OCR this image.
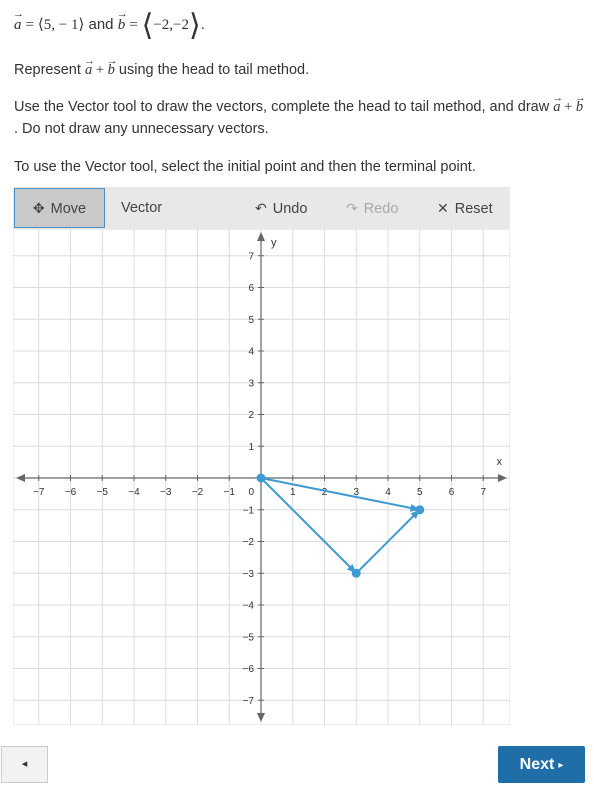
→ a = ⟨5, − 1⟩ and → b = ⟨−2,−2⟩.

Represent → a + → b using the head to tail method.

Use the Vector tool to draw the vectors, complete the head to tail method, and draw → a + → b. Do not draw any unnecessary vectors.

To use the Vector tool, select the initial point and then the terminal point.

✥ Move	Vector	↶ Undo	↷ Redo	✕ Reset
−7 −6 −5 −4 −3 −2 −1	1	2	3	4	5	6	7
−7
−6
−5
−4
−3
−2
−1
1
2
3
4
5
6
7
0
x
y
◂	Next ▸
